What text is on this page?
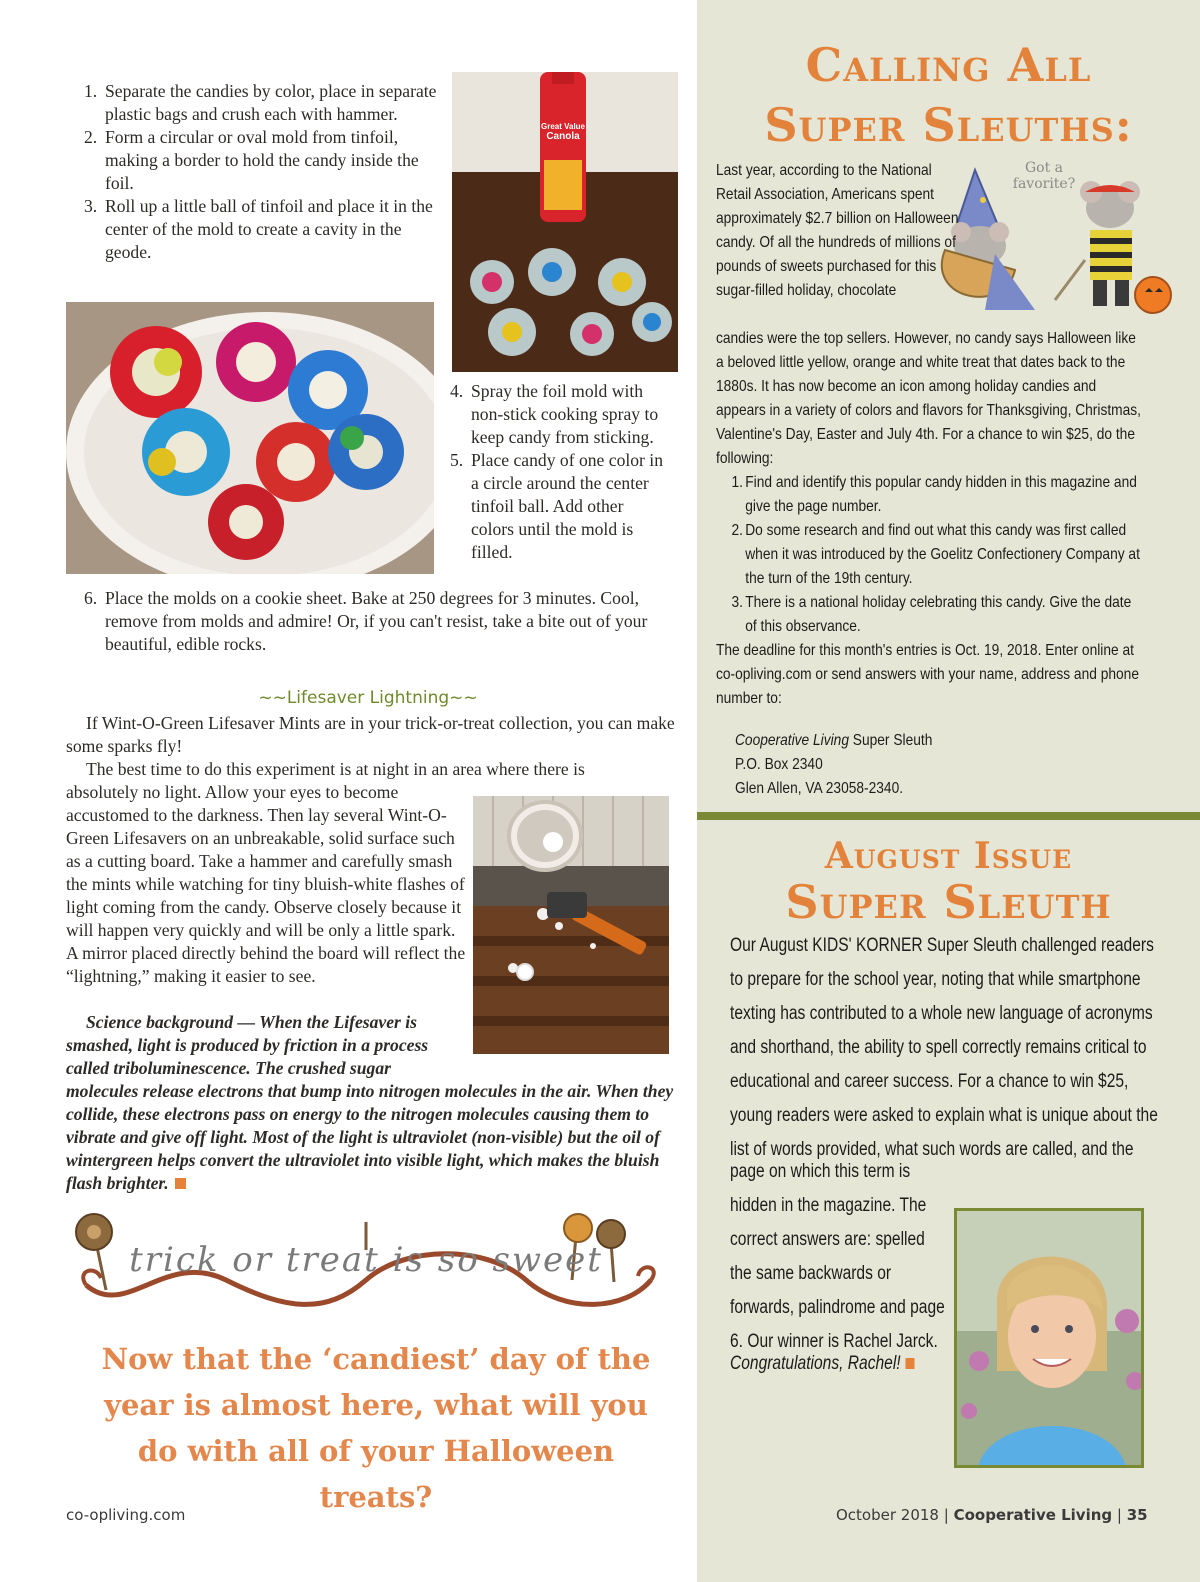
1. Separate the candies by color, place in separate plastic bags and crush each with hammer.
2. Form a circular or oval mold from tinfoil, making a border to hold the candy inside the foil.
3. Roll up a little ball of tinfoil and place it in the center of the mold to create a cavity in the geode.
Great Value
Canola
4. Spray the foil mold with non-stick cooking spray to keep candy from sticking.
5. Place candy of one color in a circle around the center tinfoil ball. Add other colors until the mold is filled.
6. Place the molds on a cookie sheet. Bake at 250 degrees for 3 minutes. Cool, remove from molds and admire! Or, if you can't resist, take a bite out of your beautiful, edible rocks.
~~Lifesaver Lightning~~
If Wint-O-Green Lifesaver Mints are in your trick-or-treat collection, you can make some sparks fly!
The best time to do this experiment is at night in an area where there is
absolutely no light. Allow your eyes to become accustomed to the darkness. Then lay several Wint-O-Green Lifesavers on an unbreakable, solid surface such as a cutting board. Take a hammer and carefully smash the mints while watching for tiny bluish-white flashes of light coming from the candy. Observe closely because it will happen very quickly and will be only a little spark. A mirror placed directly behind the board will reflect the “lightning,” making it easier to see.
Science background — When the Lifesaver is smashed, light is produced by friction in a process called triboluminescence. The crushed sugar
molecules release electrons that bump into nitrogen molecules in the air. When they collide, these electrons pass on energy to the nitrogen molecules causing them to vibrate and give off light. Most of the light is ultraviolet (non-visible) but the oil of wintergreen helps convert the ultraviolet into visible light, which makes the bluish flash brighter.
trick or treat is so sweet
Now that the ‘candiest’ day of the year is almost here, what will you do with all of your Halloween treats?
co-opliving.com
Calling All
Super Sleuths:
Got a favorite?
Last year, according to the National Retail Association, Americans spent approximately $2.7 billion on Halloween candy. Of all the hundreds of millions of pounds of sweets purchased for this sugar-filled holiday, chocolate
candies were the top sellers. However, no candy says Halloween like a beloved little yellow, orange and white treat that dates back to the 1880s. It has now become an icon among holiday candies and appears in a variety of colors and flavors for Thanksgiving, Christmas, Valentine's Day, Easter and July 4th. For a chance to win $25, do the following:
1. Find and identify this popular candy hidden in this magazine and give the page number.
2. Do some research and find out what this candy was first called when it was introduced by the Goelitz Confectionery Company at the turn of the 19th century.
3. There is a national holiday celebrating this candy. Give the date of this observance.
The deadline for this month's entries is Oct. 19, 2018. Enter online at co-opliving.com or send answers with your name, address and phone number to:
Cooperative Living Super Sleuth
P.O. Box 2340
Glen Allen, VA 23058-2340.
August Issue
Super Sleuth
Our August KIDS' KORNER Super Sleuth challenged readers to prepare for the school year, noting that while smartphone texting has contributed to a whole new language of acronyms and shorthand, the ability to spell correctly remains critical to educational and career success. For a chance to win $25, young readers were asked to explain what is unique about the list of words provided, what such words are called, and the
page on which this term is hidden in the magazine. The correct answers are: spelled the same backwards or forwards, palindrome and page 6. Our winner is Rachel Jarck.
Congratulations, Rachel!
October 2018 | Cooperative Living | 35
